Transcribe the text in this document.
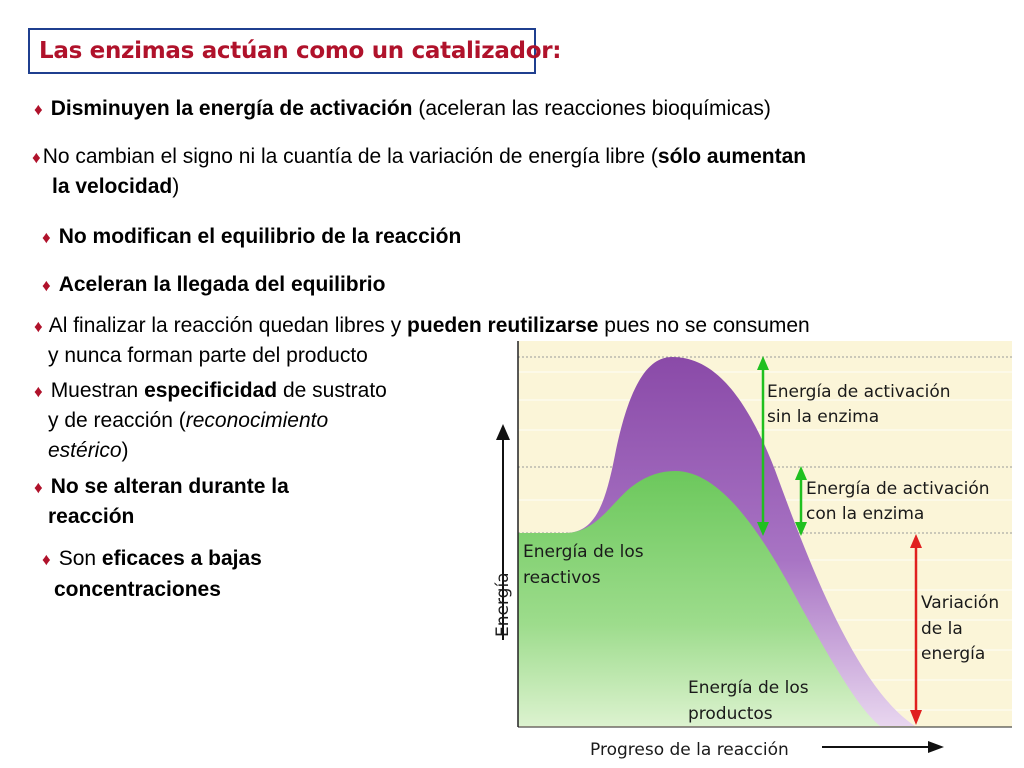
Las enzimas actúan como un catalizador:
♦ Disminuyen la energía de activación (aceleran las reacciones bioquímicas)
♦No cambian el signo ni la cuantía de la variación de energía libre (sólo aumentan
la velocidad)
♦ No modifican el equilibrio de la reacción
♦ Aceleran la llegada del equilibrio
♦ Al finalizar la reacción quedan libres y pueden reutilizarse pues no se consumen
y nunca forman parte del producto
♦ Muestran especificidad de sustrato
y de reacción (reconocimiento
estérico)
♦ No se alteran durante la
reacción
♦ Son eficaces a bajas
concentraciones	Energía
Progreso de la reacción
Energía de activación
sin la enzima
Energía de activación
con la enzima
Energía de los
reactivos
Energía de los
productos
Variación
de la
energía
